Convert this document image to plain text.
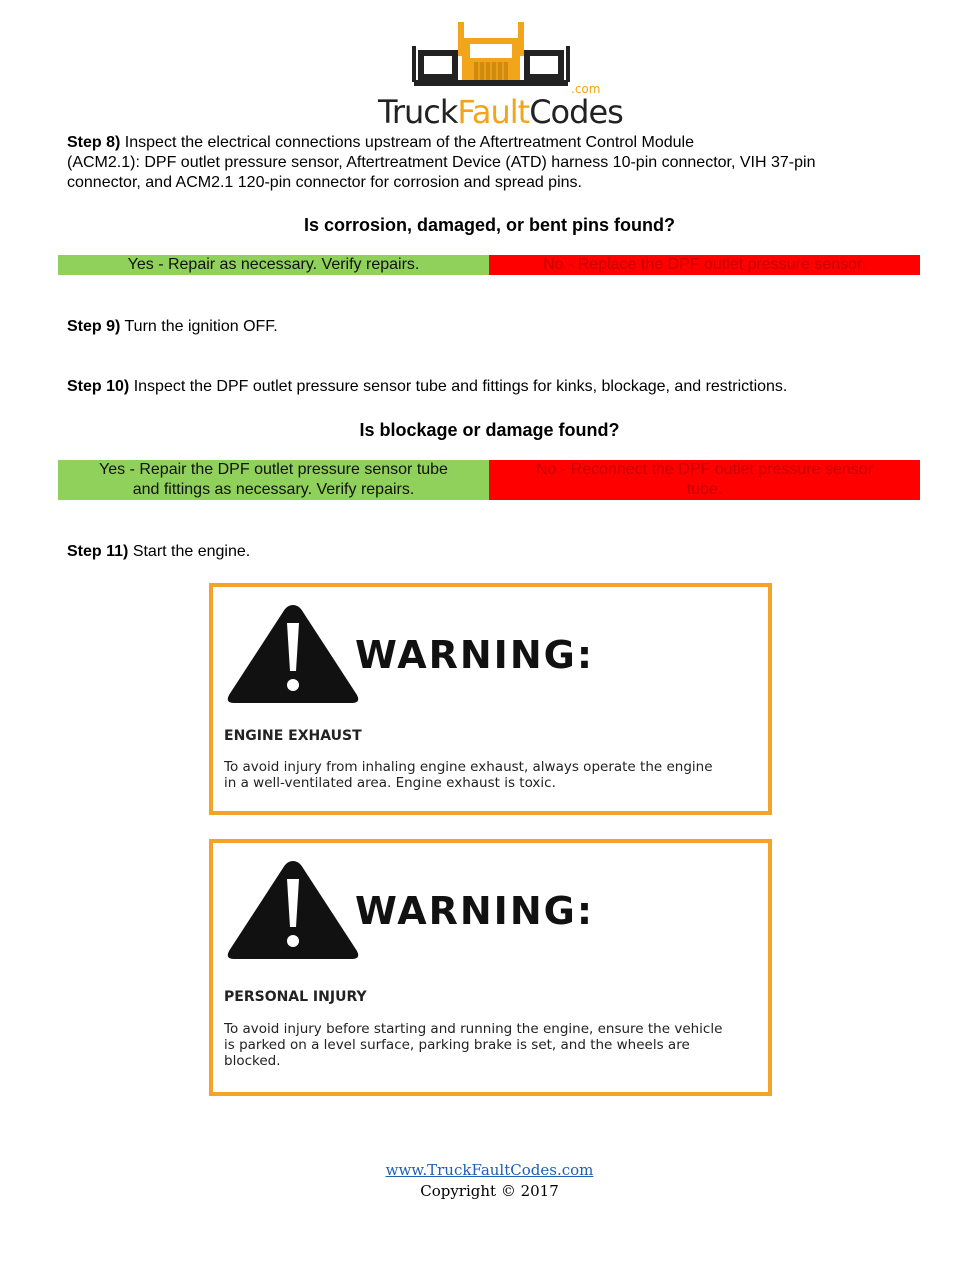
TruckFaultCodes
.com
Step 8) Inspect the electrical connections upstream of the Aftertreatment Control Module
(ACM2.1): DPF outlet pressure sensor, Aftertreatment Device (ATD) harness 10-pin connector, VIH 37-pin
connector, and ACM2.1 120-pin connector for corrosion and spread pins.
Is corrosion, damaged, or bent pins found?
Yes - Repair as necessary. Verify repairs.	No - Replace the DPF outlet pressure sensor.
Step 9) Turn the ignition OFF.
Step 10) Inspect the DPF outlet pressure sensor tube and fittings for kinks, blockage, and restrictions.
Is blockage or damage found?
Yes - Repair the DPF outlet pressure sensor tube
and fittings as necessary. Verify repairs.
No - Reconnect the DPF outlet pressure sensor
tube.
Step 11) Start the engine.
WARNING:
ENGINE EXHAUST
To avoid injury from inhaling engine exhaust, always operate the engine
in a well-ventilated area. Engine exhaust is toxic.
WARNING:
PERSONAL INJURY
To avoid injury before starting and running the engine, ensure the vehicle
is parked on a level surface, parking brake is set, and the wheels are
blocked.
www.TruckFaultCodes.com
Copyright © 2017
